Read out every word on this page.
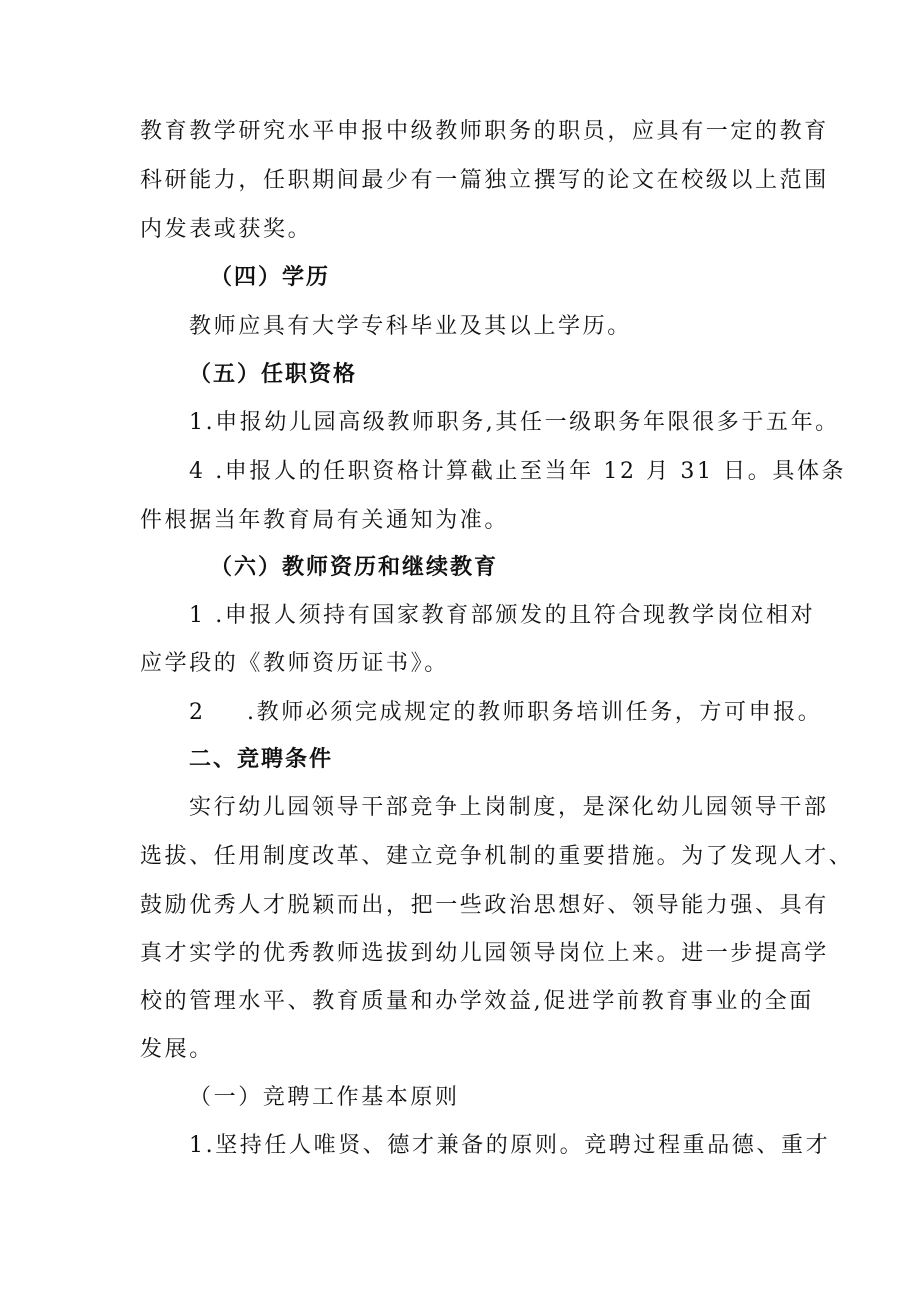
教育教学研究水平申报中级教师职务的职员，应具有一定的教育
科研能力，任职期间最少有一篇独立撰写的论文在校级以上范围
内发表或获奖。
（四）学历
教师应具有大学专科毕业及其以上学历。
（五）任职资格
1.申报幼儿园高级教师职务,其任一级职务年限很多于五年。
4 .申报人的任职资格计算截止至当年 12 月 31 日。具体条
件根据当年教育局有关通知为准。
（六）教师资历和继续教育
1 .申报人须持有国家教育部颁发的且符合现教学岗位相对
应学段的《教师资历证书》。
2 .教师必须完成规定的教师职务培训任务，方可申报。
二、竞聘条件
实行幼儿园领导干部竞争上岗制度，是深化幼儿园领导干部
选拔、任用制度改革、建立竞争机制的重要措施。为了发现人才、
鼓励优秀人才脱颖而出，把一些政治思想好、领导能力强、具有
真才实学的优秀教师选拔到幼儿园领导岗位上来。进一步提高学
校的管理水平、教育质量和办学效益,促进学前教育事业的全面
发展。
（一）竞聘工作基本原则
1.坚持任人唯贤、德才兼备的原则。竞聘过程重品德、重才
